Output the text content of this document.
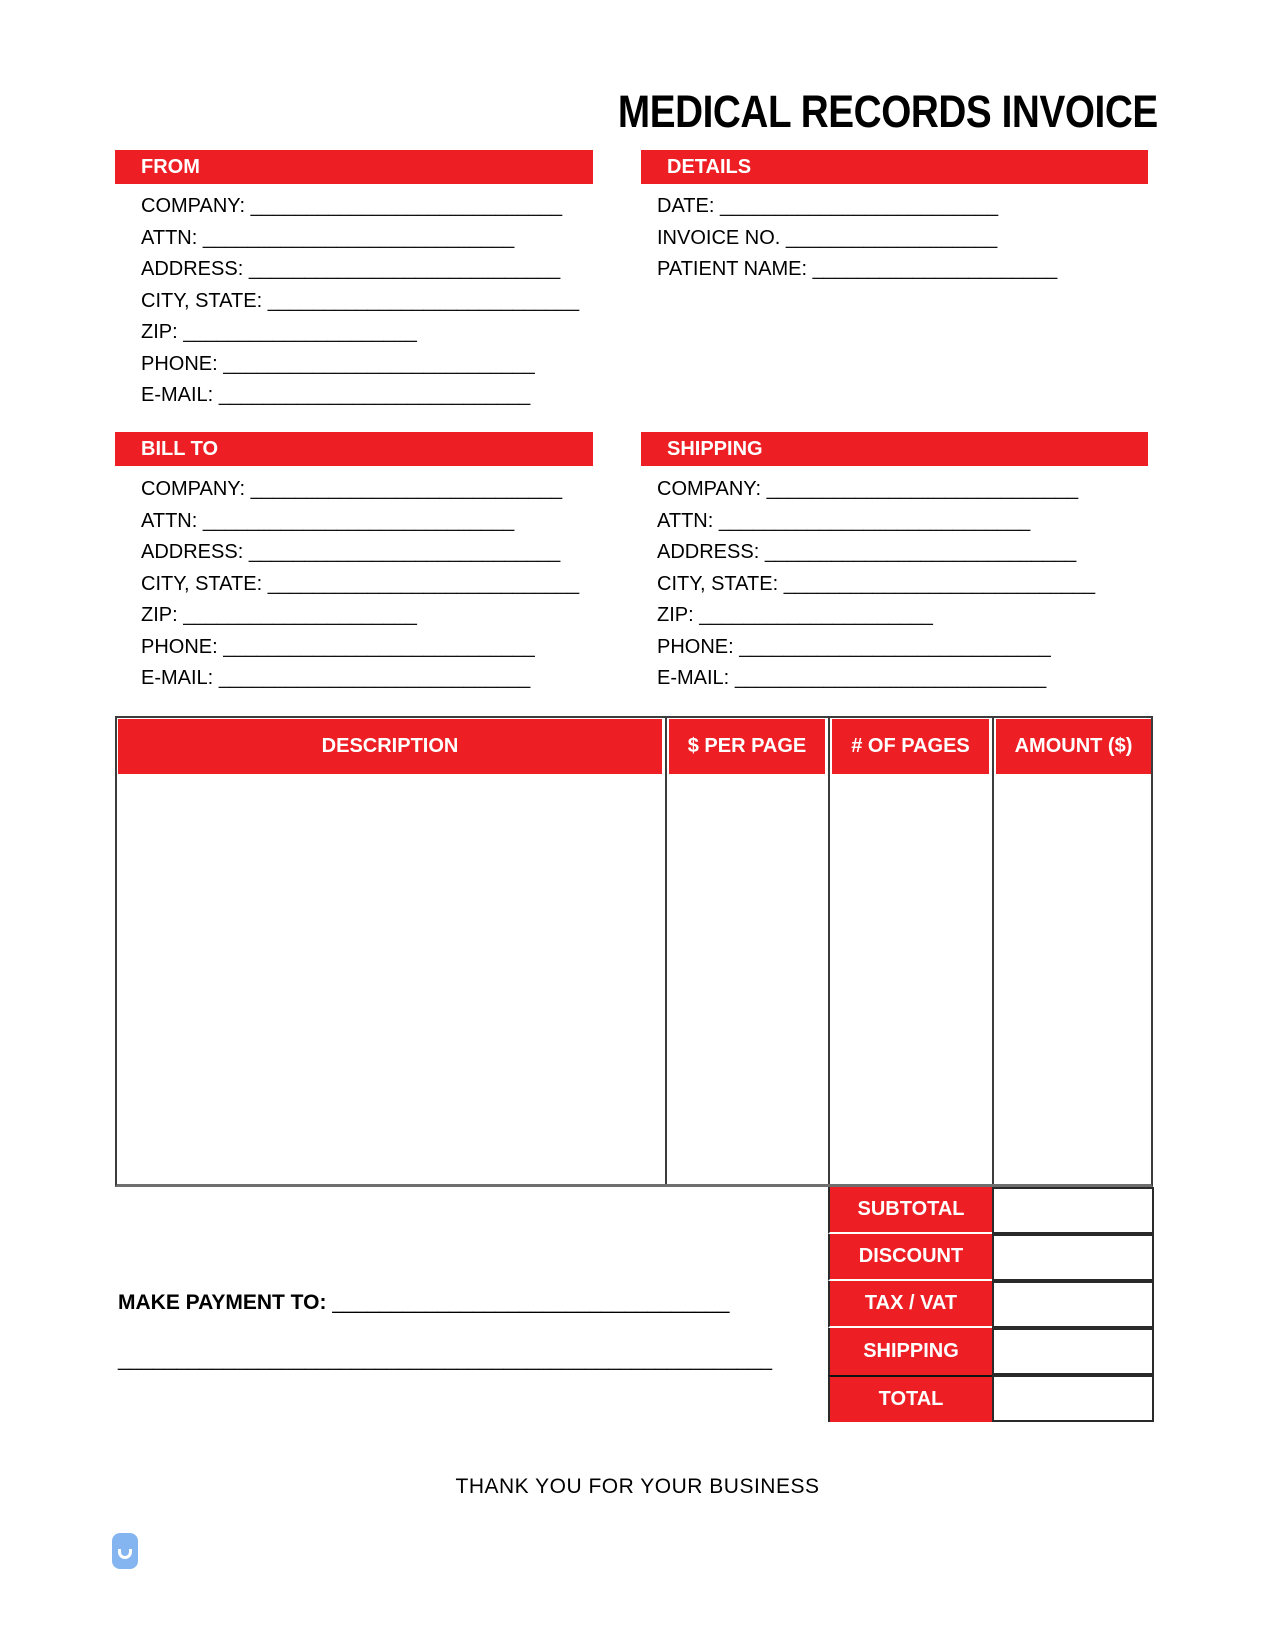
MEDICAL RECORDS INVOICE
FROM
COMPANY: ____________________________
ATTN: ____________________________
ADDRESS: ____________________________
CITY, STATE: ____________________________
ZIP: _____________________
PHONE: ____________________________
E-MAIL: ____________________________
DETAILS
DATE: _________________________
INVOICE NO. ___________________
PATIENT NAME: ______________________
BILL TO
COMPANY: ____________________________
ATTN: ____________________________
ADDRESS: ____________________________
CITY, STATE: ____________________________
ZIP: _____________________
PHONE: ____________________________
E-MAIL: ____________________________
SHIPPING
COMPANY: ____________________________
ATTN: ____________________________
ADDRESS: ____________________________
CITY, STATE: ____________________________
ZIP: _____________________
PHONE: ____________________________
E-MAIL: ____________________________
DESCRIPTION	$ PER PAGE	# OF PAGES	AMOUNT ($)
SUBTOTAL
DISCOUNT
TAX / VAT
SHIPPING
TOTAL
MAKE PAYMENT TO: __________________________________
________________________________________________________
THANK YOU FOR YOUR BUSINESS
